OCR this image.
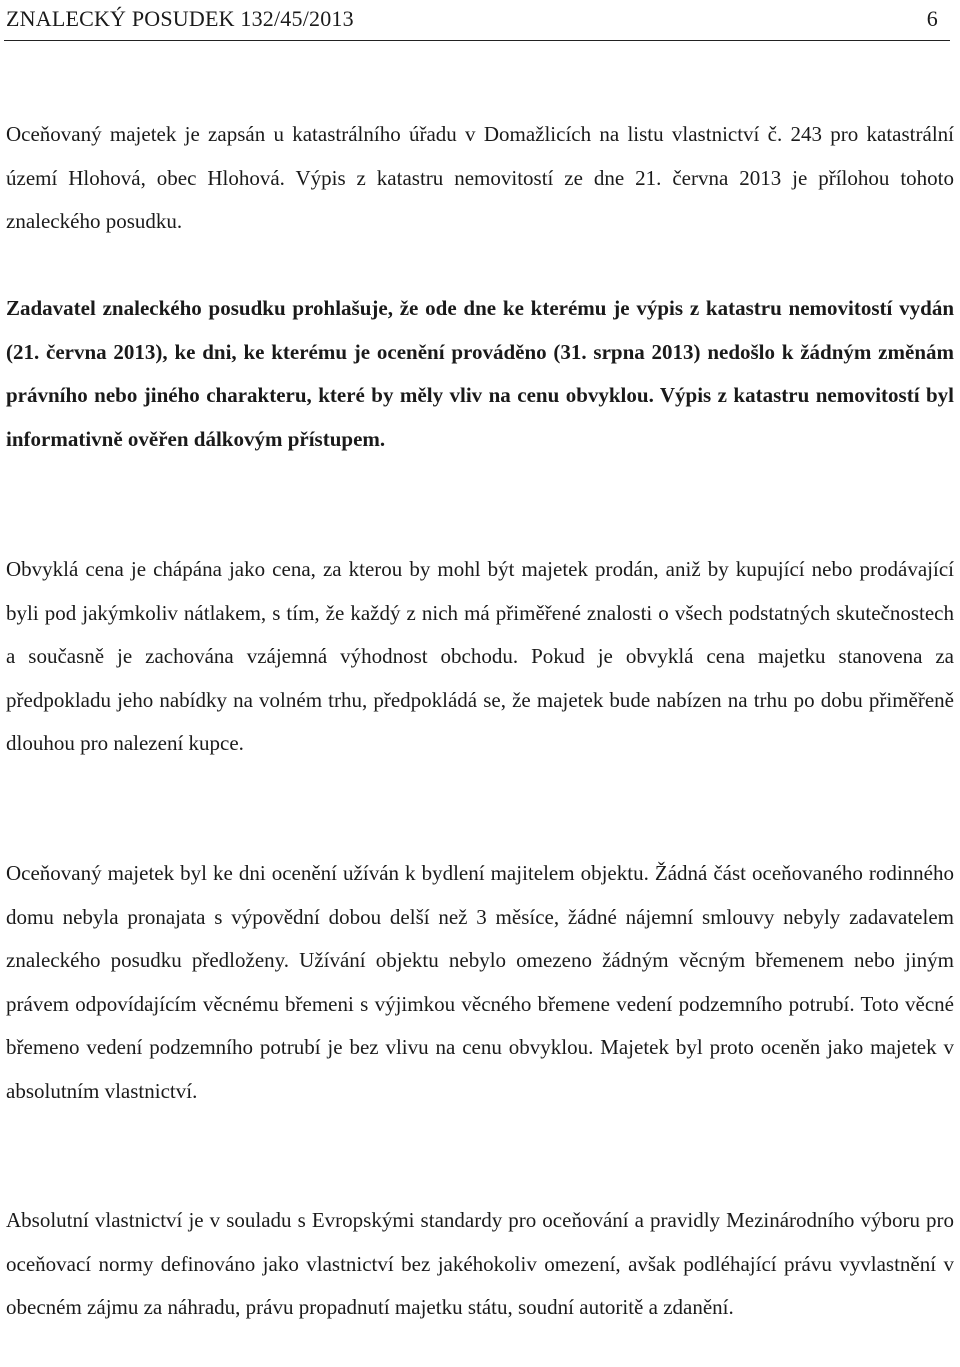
ZNALECKÝ POSUDEK 132/45/2013	6

Oceňovaný majetek je zapsán u katastrálního úřadu v Domažlicích na listu vlastnictví č. 243 pro katastrální území Hlohová, obec Hlohová. Výpis z katastru nemovitostí ze dne 21. června 2013 je přílohou tohoto znaleckého posudku.

Zadavatel znaleckého posudku prohlašuje, že ode dne ke kterému je výpis z katastru nemovitostí vydán (21. června 2013), ke dni, ke kterému je ocenění prováděno (31. srpna 2013) nedošlo k žádným změnám právního nebo jiného charakteru, které by měly vliv na cenu obvyklou. Výpis z katastru nemovitostí byl informativně ověřen dálkovým přístupem.

Obvyklá cena je chápána jako cena, za kterou by mohl být majetek prodán, aniž by kupující nebo prodávající byli pod jakýmkoliv nátlakem, s tím, že každý z nich má přiměřené znalosti o všech podstatných skutečnostech a současně je zachována vzájemná výhodnost obchodu. Pokud je obvyklá cena majetku stanovena za předpokladu jeho nabídky na volném trhu, předpokládá se, že majetek bude nabízen na trhu po dobu přiměřeně dlouhou pro nalezení kupce.

Oceňovaný majetek byl ke dni ocenění užíván k bydlení majitelem objektu. Žádná část oceňovaného rodinného domu nebyla pronajata s výpovědní dobou delší než 3 měsíce, žádné nájemní smlouvy nebyly zadavatelem znaleckého posudku předloženy. Užívání objektu nebylo omezeno žádným věcným břemenem nebo jiným právem odpovídajícím věcnému břemeni s výjimkou věcného břemene vedení podzemního potrubí. Toto věcné břemeno vedení podzemního potrubí je bez vlivu na cenu obvyklou. Majetek byl proto oceněn jako majetek v absolutním vlastnictví.

Absolutní vlastnictví je v souladu s Evropskými standardy pro oceňování a pravidly Mezinárodního výboru pro oceňovací normy definováno jako vlastnictví bez jakéhokoliv omezení, avšak podléhající právu vyvlastnění v obecném zájmu za náhradu, právu propadnutí majetku státu, soudní autoritě a zdanění.
